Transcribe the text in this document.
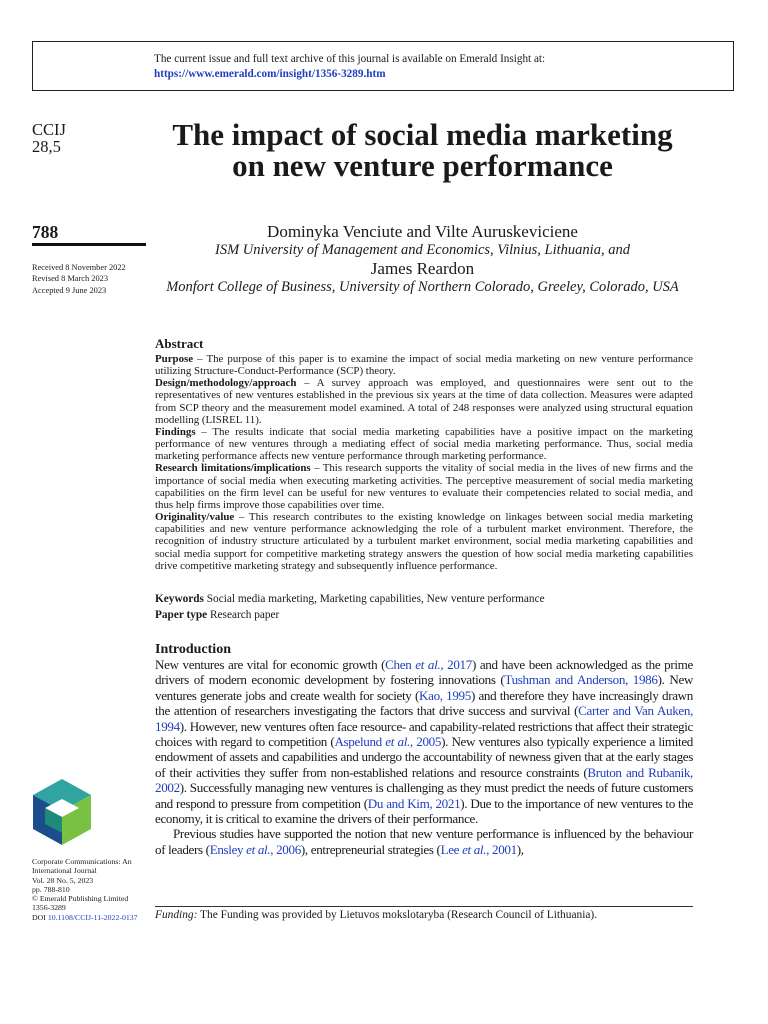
The current issue and full text archive of this journal is available on Emerald Insight at:
https://www.emerald.com/insight/1356-3289.htm
CCIJ
28,5
788
Received 8 November 2022
Revised 8 March 2023
Accepted 9 June 2023
Corporate Communications: An
International Journal
Vol. 28 No. 5, 2023
pp. 788-810
© Emerald Publishing Limited
1356-3289
DOI 10.1108/CCIJ-11-2022-0137
The impact of social media marketing on new venture performance
Dominyka Venciute and Vilte Auruskeviciene
ISM University of Management and Economics, Vilnius, Lithuania, and
James Reardon
Monfort College of Business, University of Northern Colorado, Greeley, Colorado, USA
Abstract

Purpose – The purpose of this paper is to examine the impact of social media marketing on new venture performance utilizing Structure-Conduct-Performance (SCP) theory.

Design/methodology/approach – A survey approach was employed, and questionnaires were sent out to the representatives of new ventures established in the previous six years at the time of data collection. Measures were adapted from SCP theory and the measurement model examined. A total of 248 responses were analyzed using structural equation modelling (LISREL 11).

Findings – The results indicate that social media marketing capabilities have a positive impact on the marketing performance of new ventures through a mediating effect of social media marketing performance. Thus, social media marketing performance affects new venture performance through marketing performance.

Research limitations/implications – This research supports the vitality of social media in the lives of new firms and the importance of social media when executing marketing activities. The perceptive measurement of social media marketing capabilities on the firm level can be useful for new ventures to evaluate their competencies related to social media, and thus help firms improve those capabilities over time.

Originality/value – This research contributes to the existing knowledge on linkages between social media marketing capabilities and new venture performance acknowledging the role of a turbulent market environment. Therefore, the recognition of industry structure articulated by a turbulent market environment, social media marketing capabilities and social media support for competitive marketing strategy answers the question of how social media marketing capabilities drive competitive marketing strategy and subsequently influence performance.

Keywords Social media marketing, Marketing capabilities, New venture performance
Paper type Research paper
Introduction

New ventures are vital for economic growth (Chen et al., 2017) and have been acknowledged as the prime drivers of modern economic development by fostering innovations (Tushman and Anderson, 1986). New ventures generate jobs and create wealth for society (Kao, 1995) and therefore they have increasingly drawn the attention of researchers investigating the factors that drive success and survival (Carter and Van Auken, 1994). However, new ventures often face resource- and capability-related restrictions that affect their strategic choices with regard to competition (Aspelund et al., 2005). New ventures also typically experience a limited endowment of assets and capabilities and undergo the accountability of newness given that at the early stages of their activities they suffer from non-established relations and resource constraints (Bruton and Rubanik, 2002). Successfully managing new ventures is challenging as they must predict the needs of future customers and respond to pressure from competition (Du and Kim, 2021). Due to the importance of new ventures to the economy, it is critical to examine the drivers of their performance.

Previous studies have supported the notion that new venture performance is influenced by the behaviour of leaders (Ensley et al., 2006), entrepreneurial strategies (Lee et al., 2001),

Funding: The Funding was provided by Lietuvos mokslotaryba (Research Council of Lithuania).
